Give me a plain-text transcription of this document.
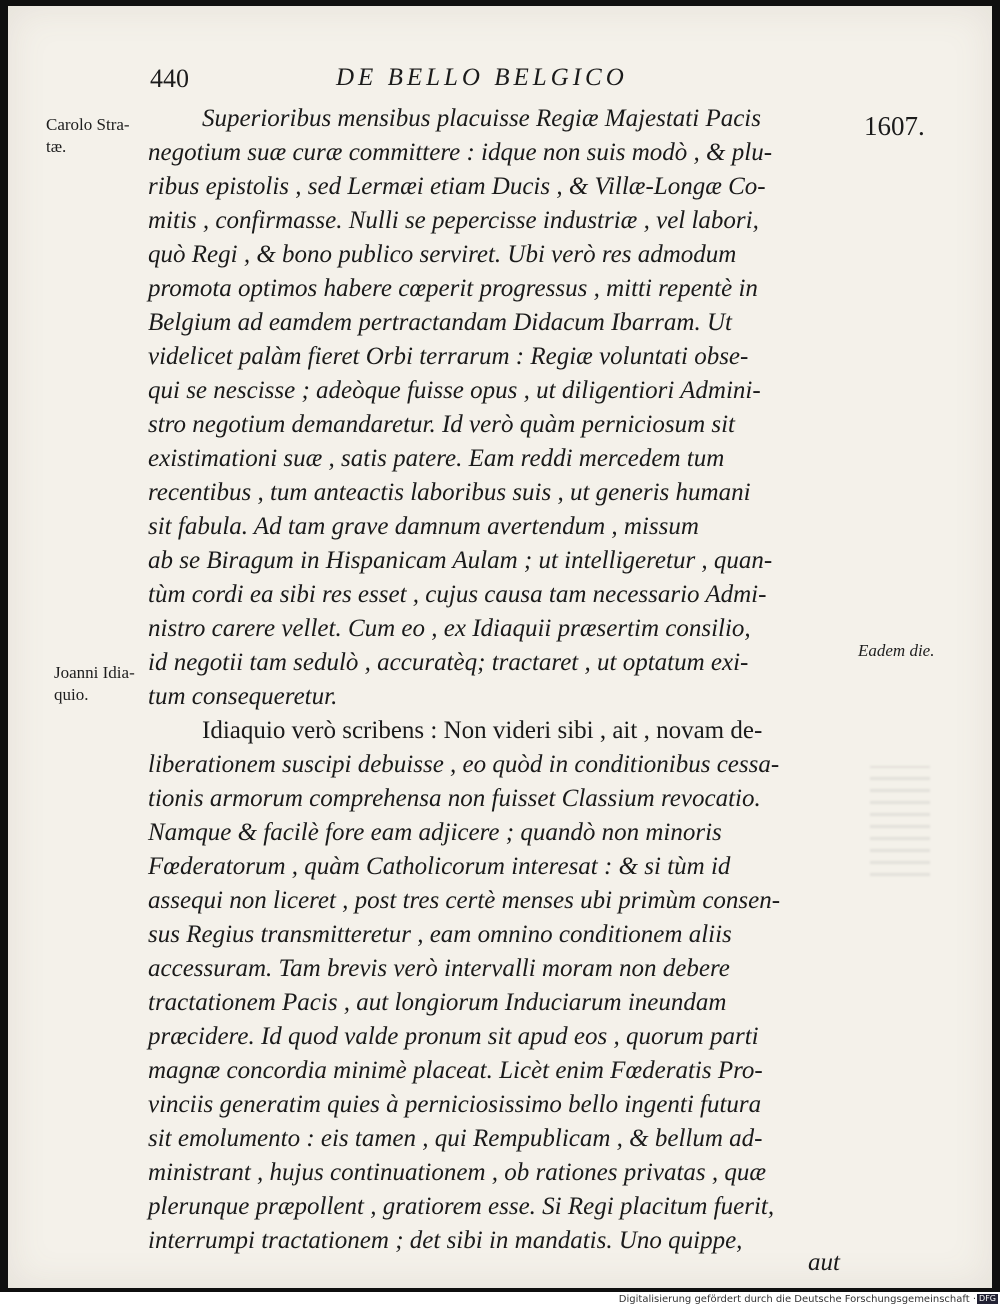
440	DE BELLO BELGICO
Carolo Stra-
tæ.
1607.
Joanni Idia-
quio.
Eadem die.
Superioribus mensibus placuisse Regiæ Majestati Pacis
negotium suæ curæ committere : idque non suis modò , & plu-
ribus epistolis , sed Lermæi etiam Ducis , & Villæ-Longæ Co-
mitis , confirmasse. Nulli se pepercisse industriæ , vel labori,
quò Regi , & bono publico serviret. Ubi verò res admodum
promota optimos habere cœperit progressus , mitti repentè in
Belgium ad eamdem pertractandam Didacum Ibarram. Ut
videlicet palàm fieret Orbi terrarum : Regiæ voluntati obse-
qui se nescisse ; adeòque fuisse opus , ut diligentiori Admini-
stro negotium demandaretur. Id verò quàm perniciosum sit
existimationi suæ , satis patere. Eam reddi mercedem tum
recentibus , tum anteactis laboribus suis , ut generis humani
sit fabula. Ad tam grave damnum avertendum , missum
ab se Biragum in Hispanicam Aulam ; ut intelligeretur , quan-
tùm cordi ea sibi res esset , cujus causa tam necessario Admi-
nistro carere vellet. Cum eo , ex Idiaquii præsertim consilio,
id negotii tam sedulò , accuratèq; tractaret , ut optatum exi-
tum consequeretur.
Idiaquio verò scribens : Non videri sibi , ait , novam de-
liberationem suscipi debuisse , eo quòd in conditionibus cessa-
tionis armorum comprehensa non fuisset Classium revocatio.
Namque & facilè fore eam adjicere ; quandò non minoris
Fœderatorum , quàm Catholicorum interesat : & si tùm id
assequi non liceret , post tres certè menses ubi primùm consen-
sus Regius transmitteretur , eam omnino conditionem aliis
accessuram. Tam brevis verò intervalli moram non debere
tractationem Pacis , aut longiorum Induciarum ineundam
præcidere. Id quod valde pronum sit apud eos , quorum parti
magnæ concordia minimè placeat. Licèt enim Fœderatis Pro-
vinciis generatim quies à perniciosissimo bello ingenti futura
sit emolumento : eis tamen , qui Rempublicam , & bellum ad-
ministrant , hujus continuationem , ob rationes privatas , quæ
plerunque præpollent , gratiorem esse. Si Regi placitum fuerit,
interrumpi tractationem ; det sibi in mandatis. Uno quippe,
aut
Digitalisierung gefördert durch die Deutsche Forschungsgemeinschaft · DFG
